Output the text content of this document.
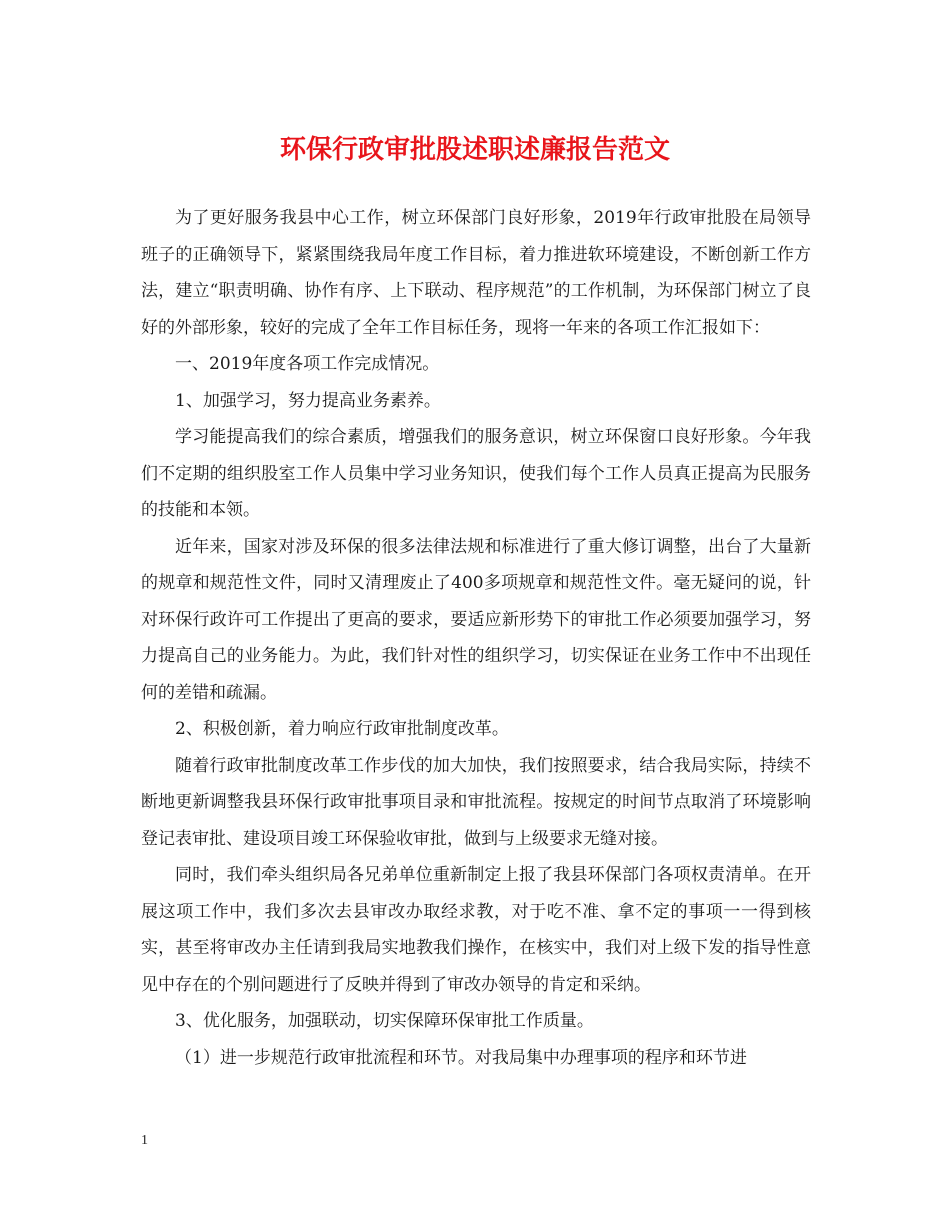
环保行政审批股述职述廉报告范文

为了更好服务我县中心工作，树立环保部门良好形象，2019年行政审批股在局领导班子的正确领导下，紧紧围绕我局年度工作目标，着力推进软环境建设，不断创新工作方法，建立“职责明确、协作有序、上下联动、程序规范”的工作机制，为环保部门树立了良好的外部形象，较好的完成了全年工作目标任务，现将一年来的各项工作汇报如下：

一、2019年度各项工作完成情况。

1、加强学习，努力提高业务素养。

学习能提高我们的综合素质，增强我们的服务意识，树立环保窗口良好形象。今年我们不定期的组织股室工作人员集中学习业务知识，使我们每个工作人员真正提高为民服务的技能和本领。

近年来，国家对涉及环保的很多法律法规和标准进行了重大修订调整，出台了大量新的规章和规范性文件，同时又清理废止了400多项规章和规范性文件。毫无疑问的说，针对环保行政许可工作提出了更高的要求，要适应新形势下的审批工作必须要加强学习，努力提高自己的业务能力。为此，我们针对性的组织学习，切实保证在业务工作中不出现任何的差错和疏漏。

2、积极创新，着力响应行政审批制度改革。

随着行政审批制度改革工作步伐的加大加快，我们按照要求，结合我局实际，持续不断地更新调整我县环保行政审批事项目录和审批流程。按规定的时间节点取消了环境影响登记表审批、建设项目竣工环保验收审批，做到与上级要求无缝对接。

同时，我们牵头组织局各兄弟单位重新制定上报了我县环保部门各项权责清单。在开展这项工作中，我们多次去县审改办取经求教，对于吃不准、拿不定的事项一一得到核实，甚至将审改办主任请到我局实地教我们操作，在核实中，我们对上级下发的指导性意见中存在的个别问题进行了反映并得到了审改办领导的肯定和采纳。

3、优化服务，加强联动，切实保障环保审批工作质量。

（1）进一步规范行政审批流程和环节。对我局集中办理事项的程序和环节进

1
